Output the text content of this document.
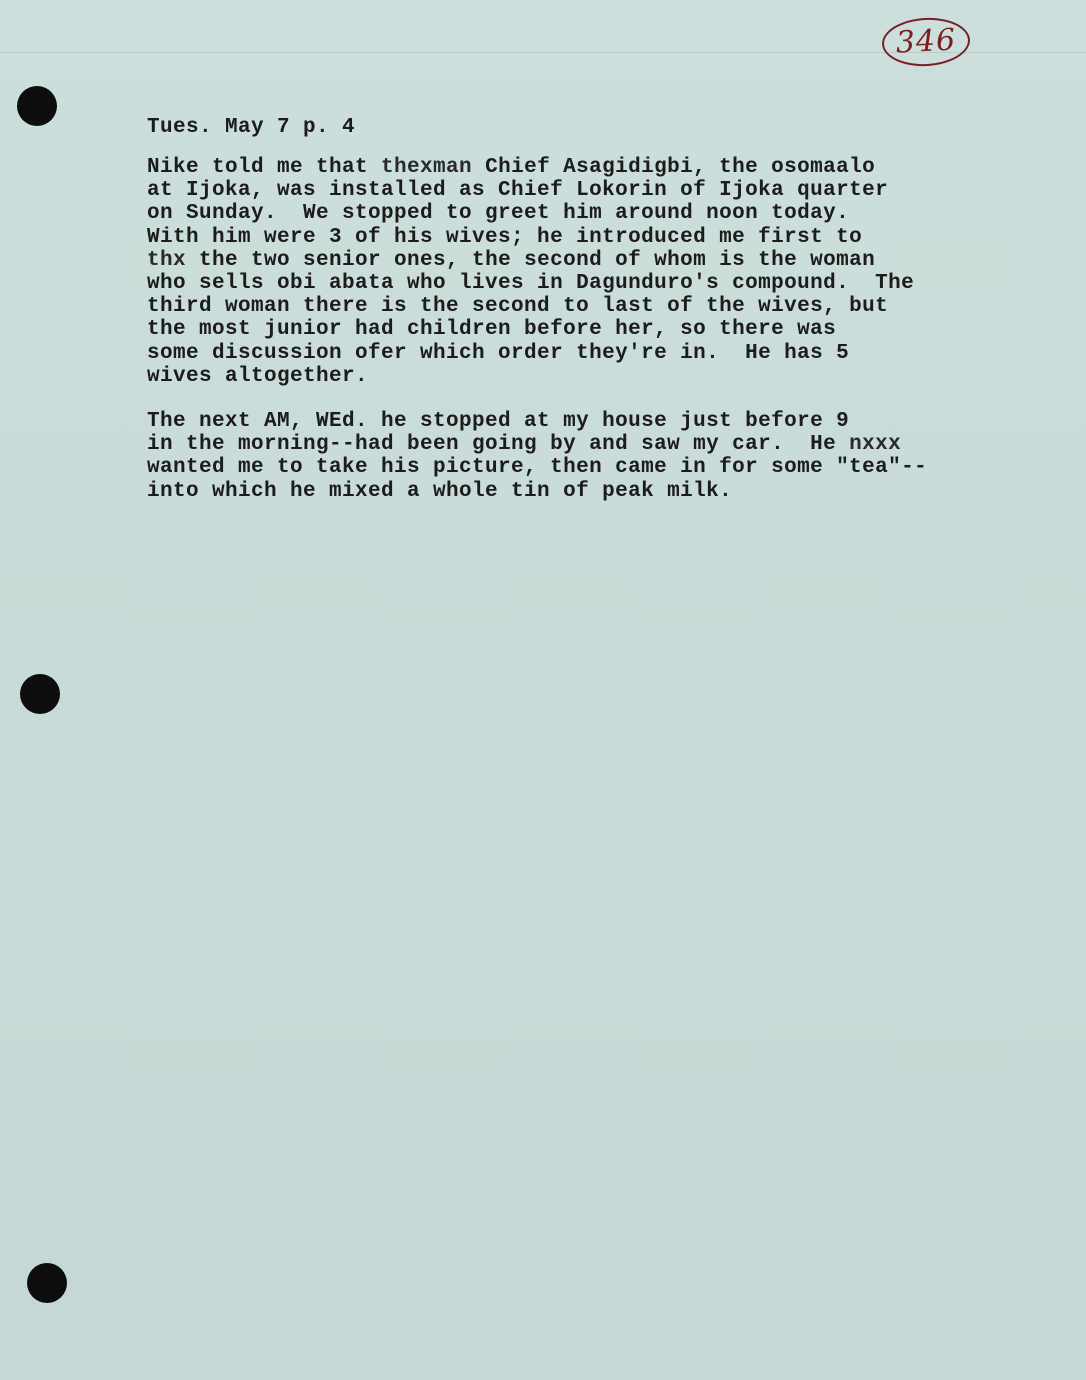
346
Tues. May 7 p. 4
Nike told me that thexman Chief Asagidigbi, the osomaalo
at Ijoka, was installed as Chief Lokorin of Ijoka quarter
on Sunday.  We stopped to greet him around noon today.
With him were 3 of his wives; he introduced me first to
thx the two senior ones, the second of whom is the woman
who sells obi abata who lives in Dagunduro's compound.  The
third woman there is the second to last of the wives, but
the most junior had children before her, so there was
some discussion ofer which order they're in.  He has 5
wives altogether.
The next AM, WEd. he stopped at my house just before 9
in the morning--had been going by and saw my car.  He nxxx
wanted me to take his picture, then came in for some "tea"--
into which he mixed a whole tin of peak milk.
